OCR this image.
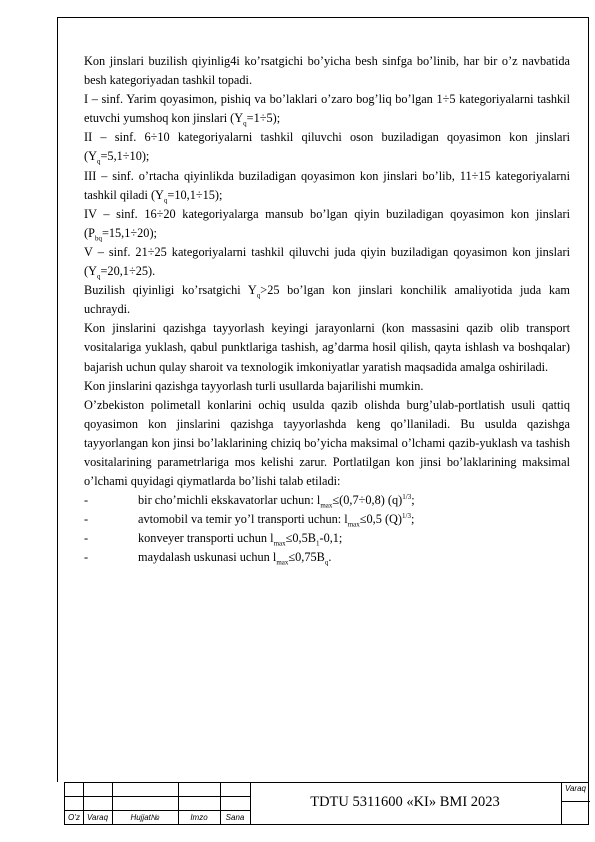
Kon jinslari buzilish qiyinlig4i ko’rsatgichi bo’yicha besh sinfga bo’linib, har bir o’z navbatida besh kategoriyadan tashkil topadi.

I – sinf. Yarim qoyasimon, pishiq va bo’laklari o’zaro bog’liq bo’lgan 1÷5 kategoriyalarni tashkil etuvchi yumshoq kon jinslari $(Y_q=1\div 5)$;

II – sinf. 6÷10 kategoriyalarni tashkil qiluvchi oson buziladigan qoyasimon kon jinslari $(Y_q=5,1\div 10)$;

III – sinf. o’rtacha qiyinlikda buziladigan qoyasimon kon jinslari bo’lib, 11÷15 kategoriyalarni tashkil qiladi $(Y_q=10,1\div 15)$;

IV – sinf. 16÷20 kategoriyalarga mansub bo’lgan qiyin buziladigan qoyasimon kon jinslari $(P_{bq}=15,1\div 20)$;

V – sinf. 21÷25 kategoriyalarni tashkil qiluvchi juda qiyin buziladigan qoyasimon kon jinslari $(Y_q=20,1\div 25)$.

Buzilish qiyinligi ko’rsatgichi $Y_q>25$ bo’lgan kon jinslari konchilik amaliyotida juda kam uchraydi.

Kon jinslarini qazishga tayyorlash keyingi jarayonlarni (kon massasini qazib olib transport vositalariga yuklash, qabul punktlariga tashish, ag’darma hosil qilish, qayta ishlash va boshqalar) bajarish uchun qulay sharoit va texnologik imkoniyatlar yaratish maqsadida amalga oshiriladi.

Kon jinslarini qazishga tayyorlash turli usullarda bajarilishi mumkin.

O’zbekiston polimetall konlarini ochiq usulda qazib olishda burg’ulab-portlatish usuli qattiq qoyasimon kon jinslarini qazishga tayyorlashda keng qo’llaniladi. Bu usulda qazishga tayyorlangan kon jinsi bo’laklarining chiziq bo’yicha maksimal o’lchami qazib-yuklash va tashish vositalarining parametrlariga mos kelishi zarur. Portlatilgan kon jinsi bo’laklarining maksimal o’lchami quyidagi qiymatlarda bo’lishi talab etiladi:

-	bir cho’michli ekskavatorlar uchun: $l_{max}\le(0,7\div 0,8)$ $(q)^{1/3}$;
-	avtomobil va temir yo’l transporti uchun: $l_{max}\le 0,5$ $(Q)^{1/3}$;
-	konveyer transporti uchun $l_{max}\le 0,5B_1-0,1$;
-	maydalash uskunasi uchun $l_{max}\le 0,75B_q$.
O’z Varaq	Hujjat№	Imzo	Sana
TDTU 5311600 «KI» BMI 2023
Varaq
